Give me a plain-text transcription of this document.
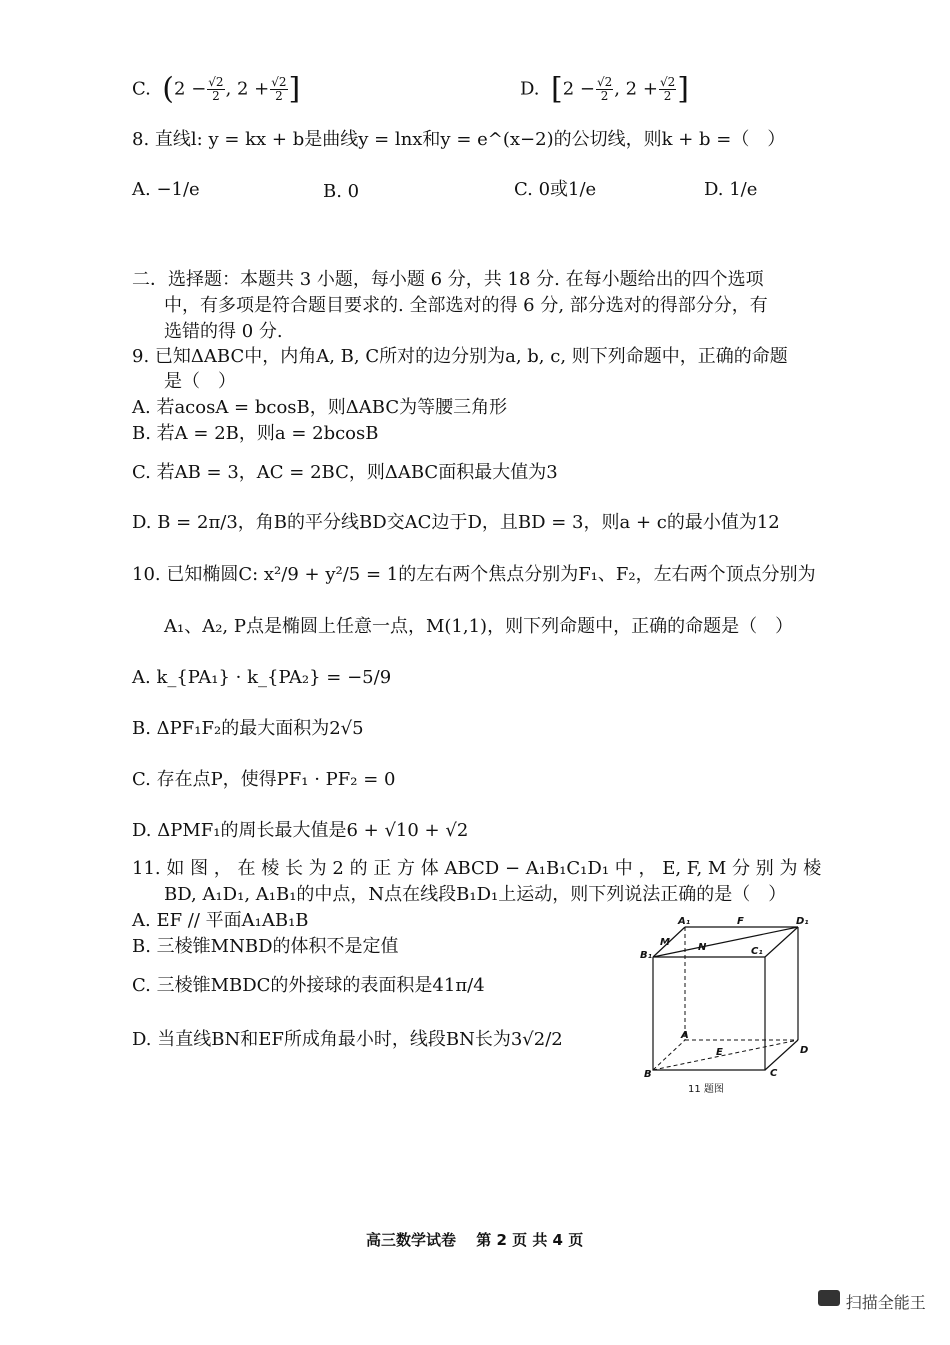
C.  ($2 - \frac{√2}{2}$ , $2 + \frac{√2}{2}$ ]	D.  [$2 - \frac{√2}{2}$ , $2 + \frac{√2}{2}$ ]
8. 直线l: y = kx + b是曲线y = lnx和y = e^(x−2)的公切线，则k + b =（　）
A. −1/e	B. 0	C. 0或1/e	D. 1/e
二．选择题：本题共 3 小题，每小题 6 分，共 18 分. 在每小题给出的四个选项
中，有多项是符合题目要求的. 全部选对的得 6 分, 部分选对的得部分分，有
选错的得 0 分.
9. 已知ΔABC中，内角A, B, C所对的边分别为a, b, c, 则下列命题中，正确的命题
是（　）
A. 若acosA = bcosB，则ΔABC为等腰三角形
B. 若A = 2B，则a = 2bcosB
C. 若AB = 3，AC = 2BC，则ΔABC面积最大值为3
D. B = 2π/3，角B的平分线BD交AC边于D，且BD = 3，则a + c的最小值为12
10. 已知椭圆C: x²/9 + y²/5 = 1的左右两个焦点分别为F₁、F₂，左右两个顶点分别为
A₁、A₂, P点是椭圆上任意一点，M(1,1)，则下列命题中，正确的命题是（　）
A. k_{PA₁} · k_{PA₂} = −5/9
B. ΔPF₁F₂的最大面积为2√5
C. 存在点P，使得PF₁ · PF₂ = 0
D. ΔPMF₁的周长最大值是6 + √10 + √2
11. 如 图 ， 在 棱 长 为 2 的 正 方 体 ABCD − A₁B₁C₁D₁ 中 ， E, F, M 分 别 为 棱
BD, A₁D₁, A₁B₁的中点，N点在线段B₁D₁上运动，则下列说法正确的是（　）
A. EF // 平面A₁AB₁B
B. 三棱锥MNBD的体积不是定值
C. 三棱锥MBDC的外接球的表面积是41π/4
D. 当直线BN和EF所成角最小时，线段BN长为3√2/2
A₁	F	D₁
M	N
B₁	C₁
A
E	D
B	C
11 题图
高三数学试卷　 第 2 页 共 4 页
扫描全能王
